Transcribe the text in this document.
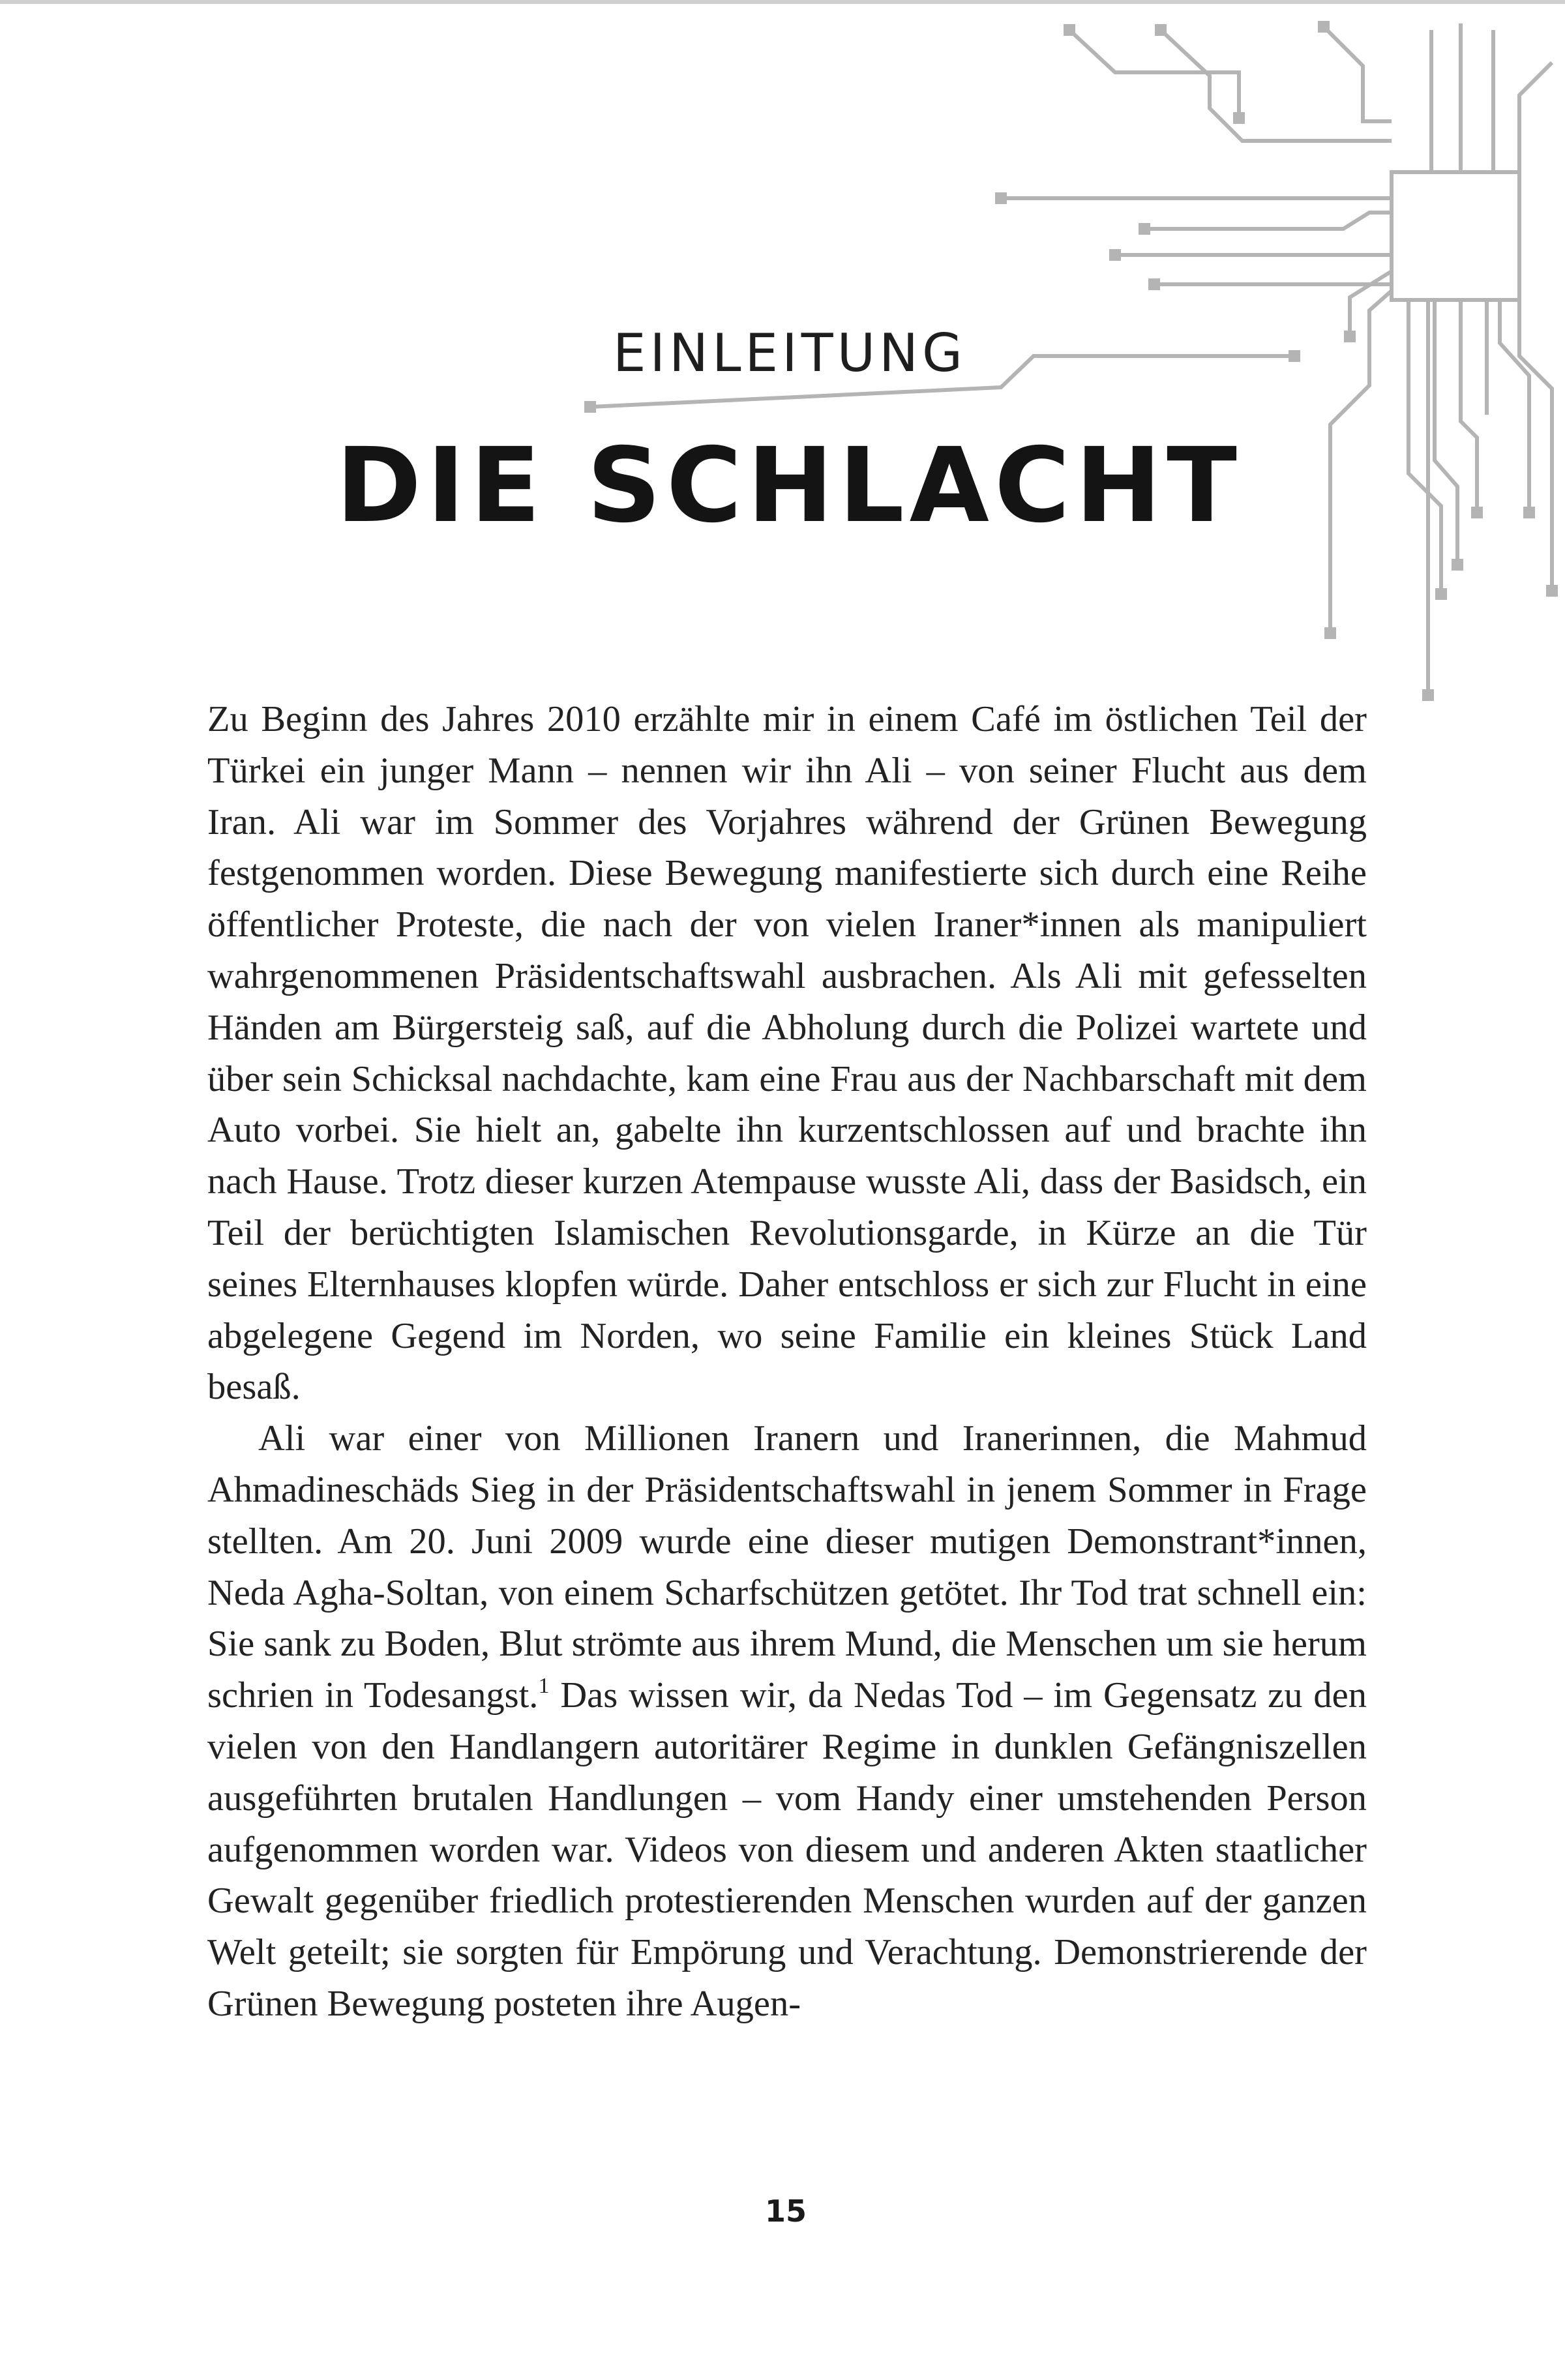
EINLEITUNG
DIE SCHLACHT

Zu Beginn des Jahres 2010 erzählte mir in einem Café im östlichen Teil der Türkei ein junger Mann – nennen wir ihn Ali – von seiner Flucht aus dem Iran. Ali war im Sommer des Vorjahres während der Grünen Bewegung festgenommen worden. Diese Bewegung manifestierte sich durch eine Reihe öffentlicher Proteste, die nach der von vielen Iraner*innen als manipuliert wahrgenommenen Präsidentschaftswahl ausbrachen. Als Ali mit gefesselten Händen am Bürgersteig saß, auf die Abholung durch die Polizei wartete und über sein Schicksal nachdachte, kam eine Frau aus der Nachbarschaft mit dem Auto vorbei. Sie hielt an, gabelte ihn kurzentschlossen auf und brachte ihn nach Hause. Trotz dieser kurzen Atempause wusste Ali, dass der Basidsch, ein Teil der berüchtigten Islamischen Revolutionsgarde, in Kürze an die Tür seines Elternhauses klopfen würde. Daher entschloss er sich zur Flucht in eine abgelegene Gegend im Norden, wo seine Familie ein kleines Stück Land besaß.

Ali war einer von Millionen Iranern und Iranerinnen, die Mahmud Ahmadineschäds Sieg in der Präsidentschaftswahl in jenem Sommer in Frage stellten. Am 20. Juni 2009 wurde eine dieser mutigen Demonstrant*innen, Neda Agha-Soltan, von einem Scharfschützen getötet. Ihr Tod trat schnell ein: Sie sank zu Boden, Blut strömte aus ihrem Mund, die Menschen um sie herum schrien in Todesangst.$^1$ Das wissen wir, da Nedas Tod – im Gegensatz zu den vielen von den Handlangern autoritärer Regime in dunklen Gefängniszellen ausgeführten brutalen Handlungen – vom Handy einer umstehenden Person aufgenommen worden war. Videos von diesem und anderen Akten staatlicher Gewalt gegenüber friedlich protestierenden Menschen wurden auf der ganzen Welt geteilt; sie sorgten für Empörung und Verachtung. Demonstrierende der Grünen Bewegung posteten ihre Augen-

15
